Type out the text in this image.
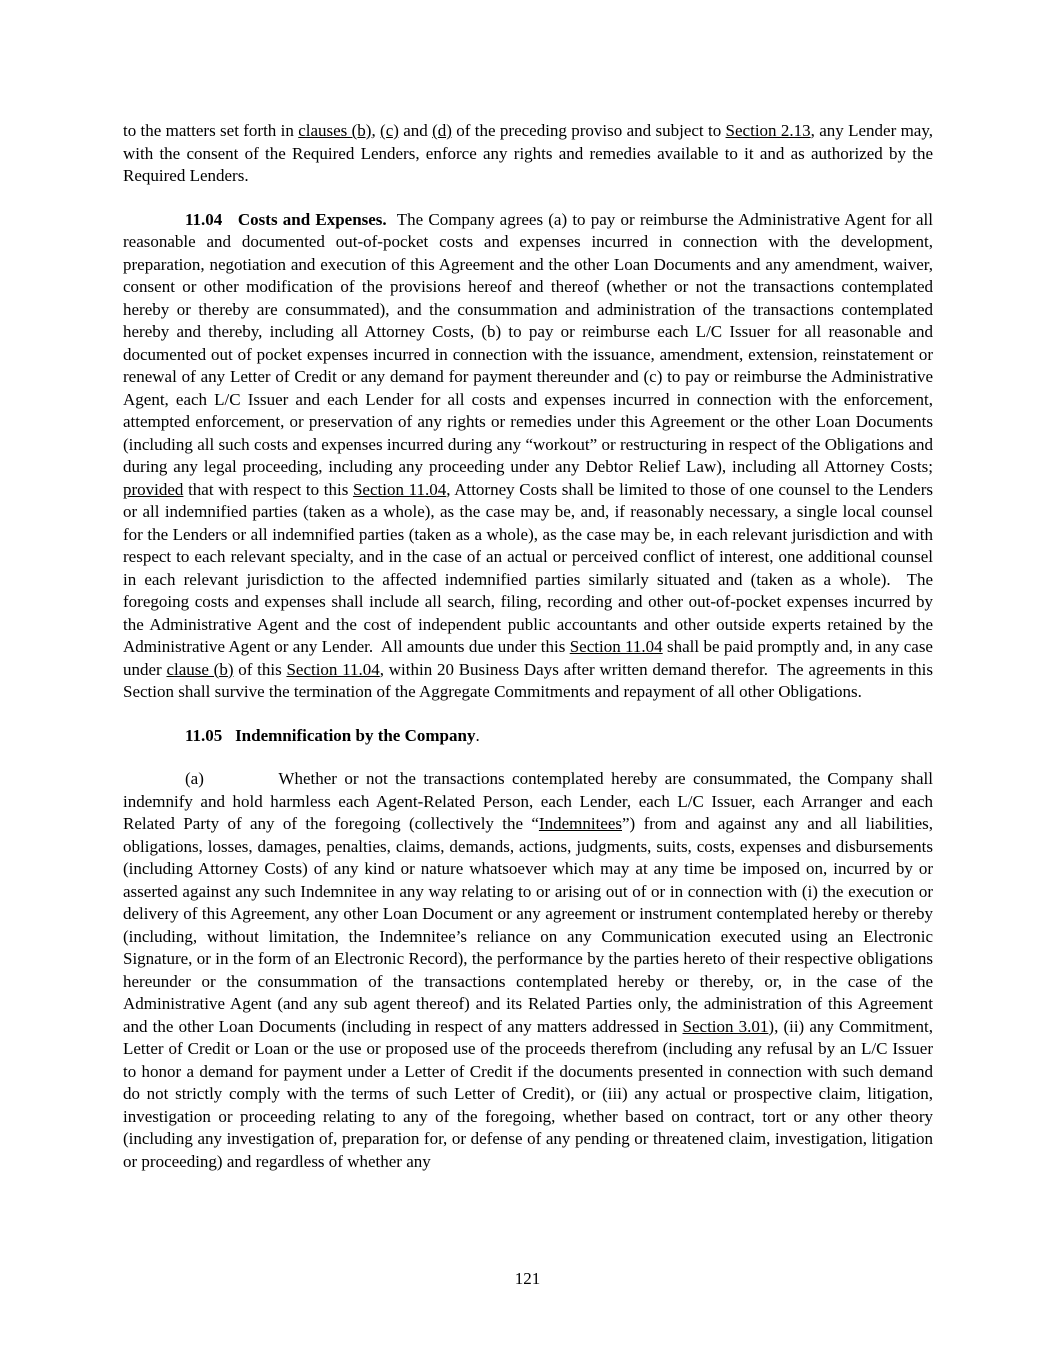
to the matters set forth in clauses (b), (c) and (d) of the preceding proviso and subject to Section 2.13, any Lender may, with the consent of the Required Lenders, enforce any rights and remedies available to it and as authorized by the Required Lenders.

11.04 Costs and Expenses.  The Company agrees (a) to pay or reimburse the Administrative Agent for all reasonable and documented out-of-pocket costs and expenses incurred in connection with the development, preparation, negotiation and execution of this Agreement and the other Loan Documents and any amendment, waiver, consent or other modification of the provisions hereof and thereof (whether or not the transactions contemplated hereby or thereby are consummated), and the consummation and administration of the transactions contemplated hereby and thereby, including all Attorney Costs, (b) to pay or reimburse each L/C Issuer for all reasonable and documented out of pocket expenses incurred in connection with the issuance, amendment, extension, reinstatement or renewal of any Letter of Credit or any demand for payment thereunder and (c) to pay or reimburse the Administrative Agent, each L/C Issuer and each Lender for all costs and expenses incurred in connection with the enforcement, attempted enforcement, or preservation of any rights or remedies under this Agreement or the other Loan Documents (including all such costs and expenses incurred during any “workout” or restructuring in respect of the Obligations and during any legal proceeding, including any proceeding under any Debtor Relief Law), including all Attorney Costs; provided that with respect to this Section 11.04, Attorney Costs shall be limited to those of one counsel to the Lenders or all indemnified parties (taken as a whole), as the case may be, and, if reasonably necessary, a single local counsel for the Lenders or all indemnified parties (taken as a whole), as the case may be, in each relevant jurisdiction and with respect to each relevant specialty, and in the case of an actual or perceived conflict of interest, one additional counsel in each relevant jurisdiction to the affected indemnified parties similarly situated and (taken as a whole).  The foregoing costs and expenses shall include all search, filing, recording and other out-of-pocket expenses incurred by the Administrative Agent and the cost of independent public accountants and other outside experts retained by the Administrative Agent or any Lender.  All amounts due under this Section 11.04 shall be paid promptly and, in any case under clause (b) of this Section 11.04, within 20 Business Days after written demand therefor.  The agreements in this Section shall survive the termination of the Aggregate Commitments and repayment of all other Obligations.

11.05 Indemnification by the Company.

(a)	Whether or not the transactions contemplated hereby are consummated, the Company shall indemnify and hold harmless each Agent-Related Person, each Lender, each L/C Issuer, each Arranger and each Related Party of any of the foregoing (collectively the “Indemnitees”) from and against any and all liabilities, obligations, losses, damages, penalties, claims, demands, actions, judgments, suits, costs, expenses and disbursements (including Attorney Costs) of any kind or nature whatsoever which may at any time be imposed on, incurred by or asserted against any such Indemnitee in any way relating to or arising out of or in connection with (i) the execution or delivery of this Agreement, any other Loan Document or any agreement or instrument contemplated hereby or thereby (including, without limitation, the Indemnitee’s reliance on any Communication executed using an Electronic Signature, or in the form of an Electronic Record), the performance by the parties hereto of their respective obligations hereunder or the consummation of the transactions contemplated hereby or thereby, or, in the case of the Administrative Agent (and any sub agent thereof) and its Related Parties only, the administration of this Agreement and the other Loan Documents (including in respect of any matters addressed in Section 3.01), (ii) any Commitment, Letter of Credit or Loan or the use or proposed use of the proceeds therefrom (including any refusal by an L/C Issuer to honor a demand for payment under a Letter of Credit if the documents presented in connection with such demand do not strictly comply with the terms of such Letter of Credit), or (iii) any actual or prospective claim, litigation, investigation or proceeding relating to any of the foregoing, whether based on contract, tort or any other theory (including any investigation of, preparation for, or defense of any pending or threatened claim, investigation, litigation or proceeding) and regardless of whether any

121
